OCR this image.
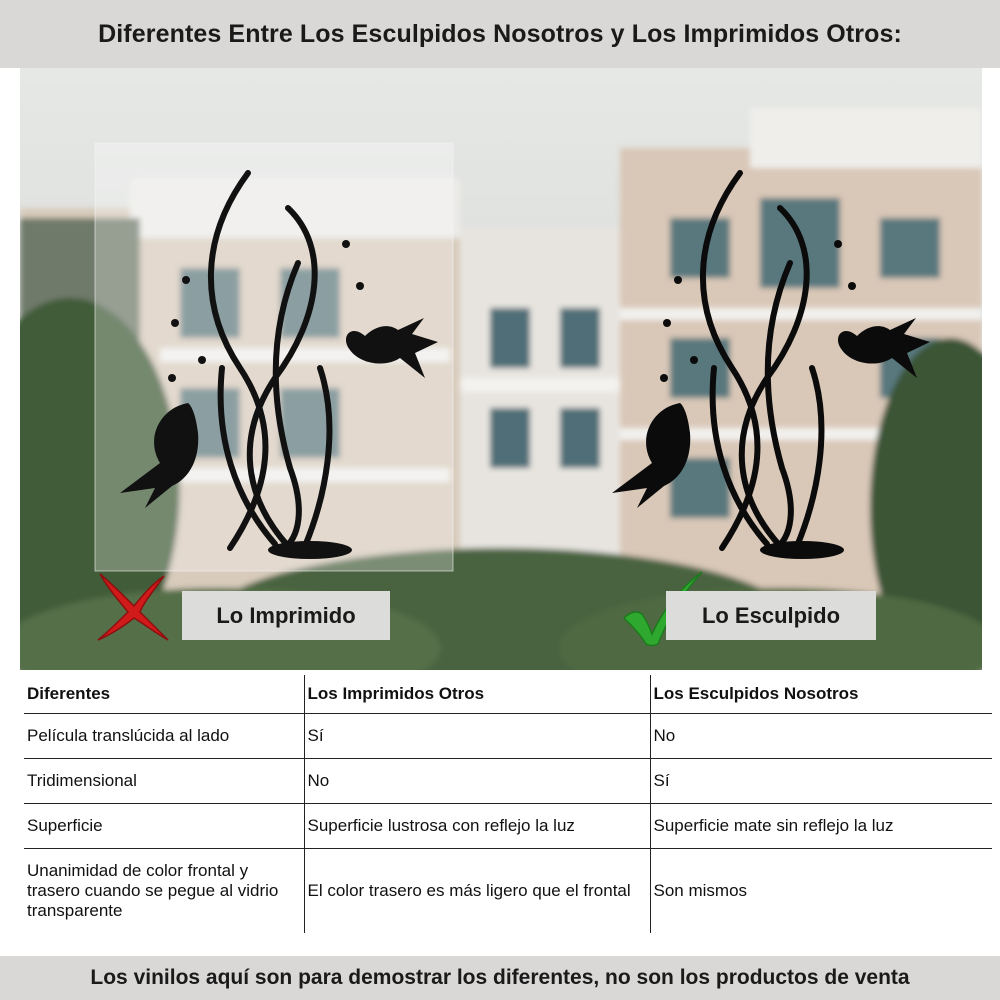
Diferentes Entre Los Esculpidos Nosotros y Los Imprimidos Otros:
Lo Imprimido	Lo Esculpido
Diferentes	Los Imprimidos Otros	Los Esculpidos Nosotros
Película translúcida al lado	Sí	No
Tridimensional	No	Sí
Superficie	Superficie lustrosa con reflejo la luz	Superficie mate sin reflejo la luz
Unanimidad de color frontal y trasero cuando se pegue al vidrio transparente	El color trasero es más ligero que el frontal	Son mismos

Los vinilos aquí son para demostrar los diferentes, no son los productos de venta
